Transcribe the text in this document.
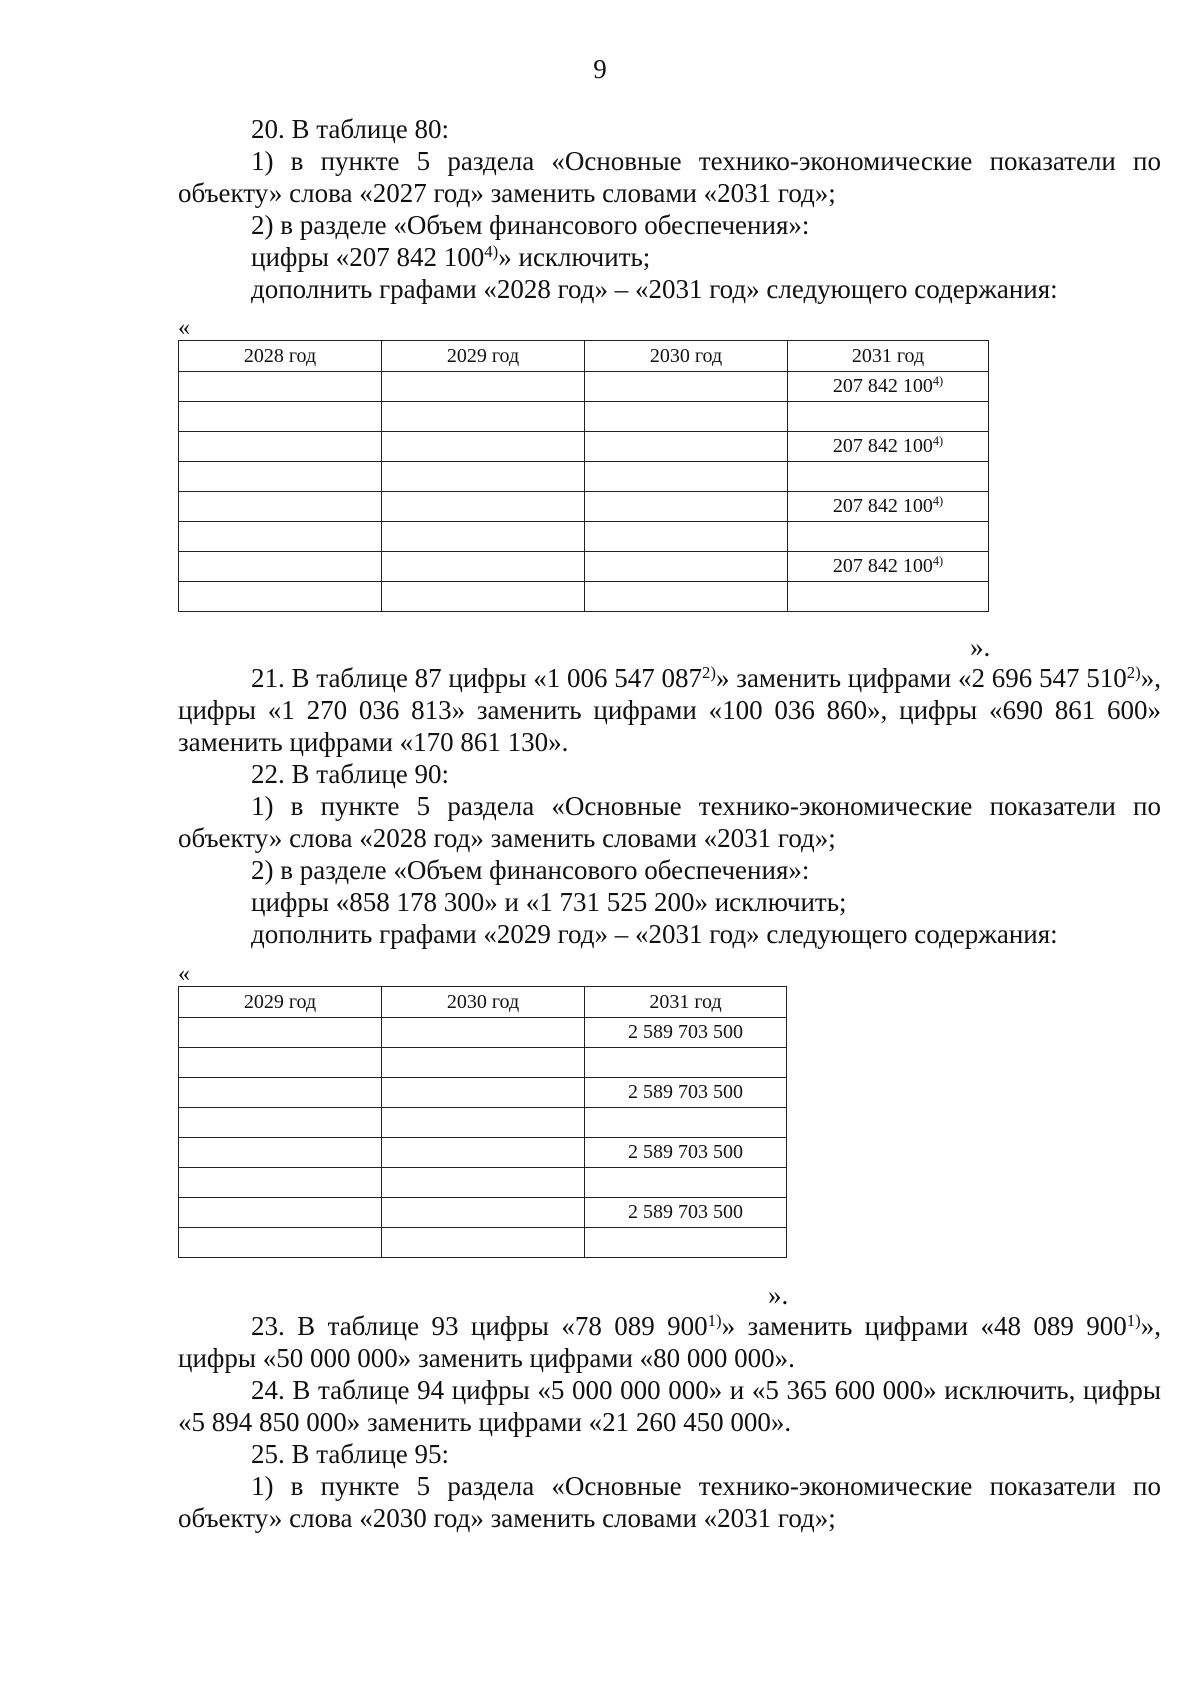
9

20. В таблице 80:

1) в пункте 5 раздела «Основные технико-экономические показатели по объекту» слова «2027 год» заменить словами «2031 год»;

2) в разделе «Объем финансового обеспечения»:

цифры «207 842 100$^{4)}$» исключить;

дополнить графами «2028 год» – «2031 год» следующего содержания:

«
2028 год	2029 год	2030 год	2031 год
			207 842 100$^{4)}$

			207 842 100$^{4)}$

			207 842 100$^{4)}$

			207 842 100$^{4)}$

».

21. В таблице 87 цифры «1 006 547 087$^{2)}$» заменить цифрами «2 696 547 510$^{2)}$», цифры «1 270 036 813» заменить цифрами «100 036 860», цифры «690 861 600» заменить цифрами «170 861 130».

22. В таблице 90:

1) в пункте 5 раздела «Основные технико-экономические показатели по объекту» слова «2028 год» заменить словами «2031 год»;

2) в разделе «Объем финансового обеспечения»:

цифры «858 178 300» и «1 731 525 200» исключить;

дополнить графами «2029 год» – «2031 год» следующего содержания:

«
2029 год	2030 год	2031 год
		2 589 703 500

		2 589 703 500

		2 589 703 500

		2 589 703 500

».

23. В таблице 93 цифры «78 089 900$^{1)}$» заменить цифрами «48 089 900$^{1)}$», цифры «50 000 000» заменить цифрами «80 000 000».

24. В таблице 94 цифры «5 000 000 000» и «5 365 600 000» исключить, цифры «5 894 850 000» заменить цифрами «21 260 450 000».

25. В таблице 95:

1) в пункте 5 раздела «Основные технико-экономические показатели по объекту» слова «2030 год» заменить словами «2031 год»;
